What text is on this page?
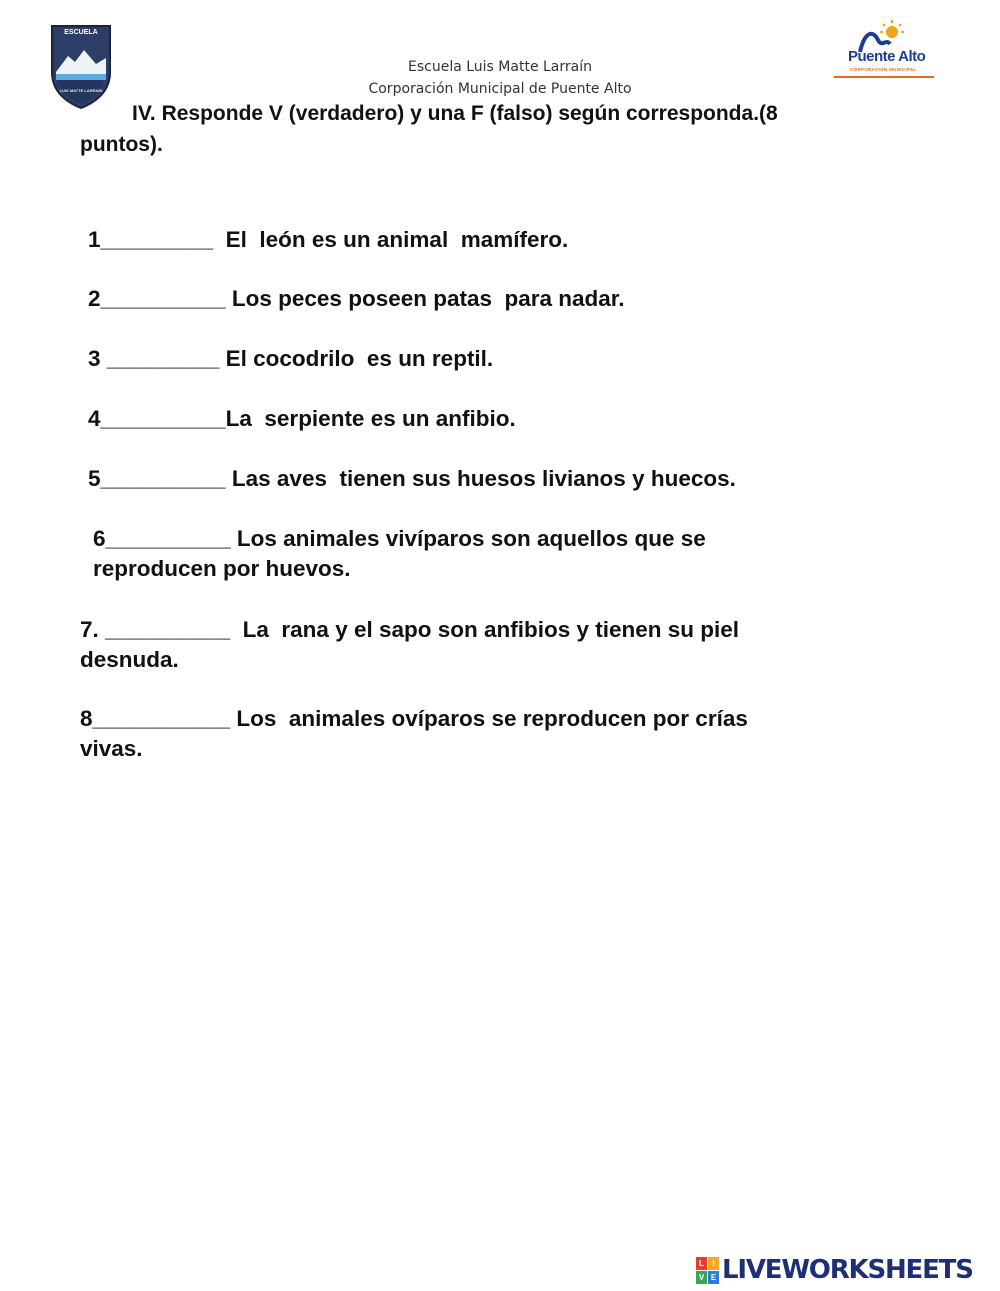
ESCUELA
LUIS MATTE LARRAÍN
Escuela Luis Matte Larraín
Corporación Municipal de Puente Alto
Puente Alto
CORPORACIÓN MUNICIPAL
IV. Responde V (verdadero) y una F (falso) según corresponda.(8
puntos).
1_________  El  león es un animal  mamífero.
2__________ Los peces poseen patas  para nadar.
3 _________ El cocodrilo  es un reptil.
4__________La  serpiente es un anfibio.
5__________ Las aves  tienen sus huesos livianos y huecos.
6__________ Los animales vivíparos son aquellos que se
reproducen por huevos.
7. __________  La  rana y el sapo son anfibios y tienen su piel
desnuda.
8___________ Los  animales ovíparos se reproducen por crías
vivas.
L	I
V E LIVEWORKSHEETS
